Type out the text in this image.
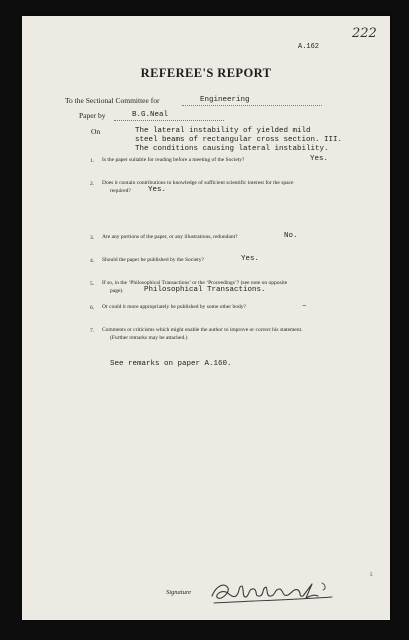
222
A.162
REFEREE'S REPORT
To the Sectional Committee for	Engineering
Paper by	B.G.Neal
On	The lateral instability of yielded mild
steel beams of rectangular cross section. III.
The conditions causing lateral instability.
1. Is the paper suitable for reading before a meeting of the Society?	Yes.
2. Does it contain contributions to knowledge of sufficient scientific interest for the space
required? Yes.
3. Are any portions of the paper, or any illustrations, redundant?	No.
4. Should the paper be published by the Society?	Yes.
5. If so, in the ‘Philosophical Transactions’ or the ‘Proceedings’? (see note on opposite
page).	Philosophical Transactions.
6. Or could it more appropriately be published by some other body?	–
7. Comments or criticisms which might enable the author to improve or correct his statement.
(Further remarks may be attached.)
See remarks on paper A.160.
5
Signature
